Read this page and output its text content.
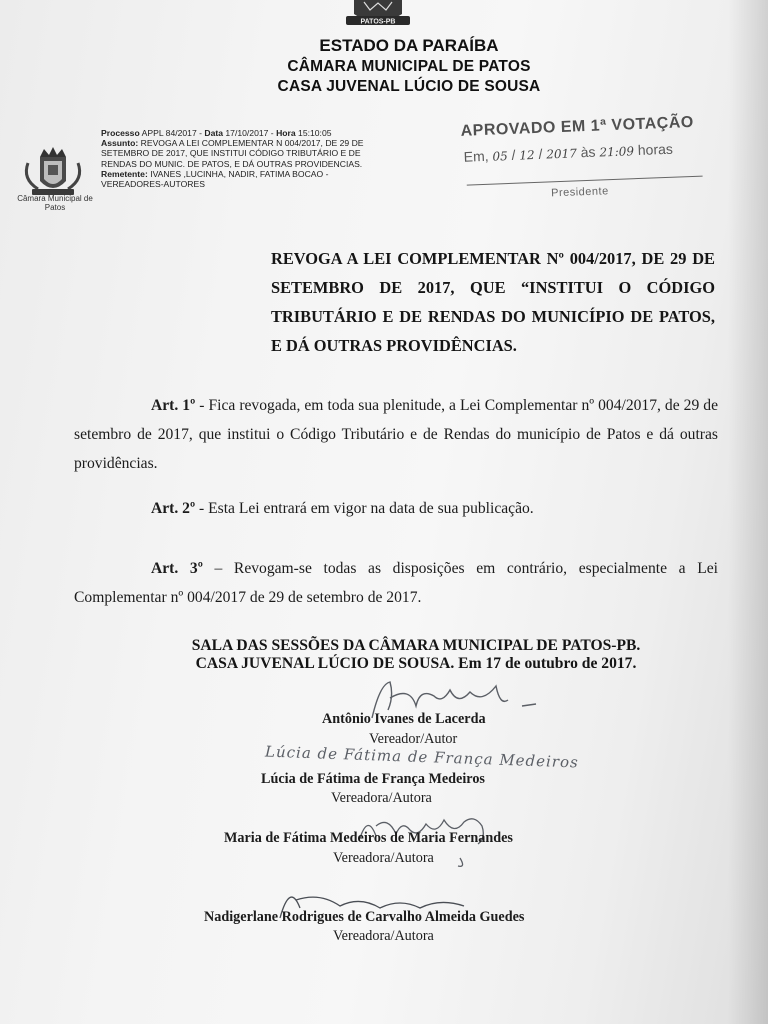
PATOS-PB
ESTADO DA PARAÍBA
CÂMARA MUNICIPAL DE PATOS
CASA JUVENAL LÚCIO DE SOUSA
Câmara Municipal de Patos
Processo APPL 84/2017 - Data 17/10/2017 - Hora 15:10:05
Assunto: REVOGA A LEI COMPLEMENTAR N 004/2017, DE 29 DE SETEMBRO DE 2017, QUE INSTITUI CÓDIGO TRIBUTÁRIO E DE RENDAS DO MUNIC. DE PATOS, E DÁ OUTRAS PROVIDENCIAS.
Remetente: IVANES ,LUCINHA, NADIR, FATIMA BOCAO - VEREADORES-AUTORES
APROVADO EM 1ª VOTAÇÃO
Em, 05 / 12 / 2017 às 21:09 horas
Presidente
REVOGA A LEI COMPLEMENTAR Nº 004/2017, DE 29 DE SETEMBRO DE 2017, QUE “INSTITUI O CÓDIGO TRIBUTÁRIO E DE RENDAS DO MUNICÍPIO DE PATOS, E DÁ OUTRAS PROVIDÊNCIAS.
Art. 1º - Fica revogada, em toda sua plenitude, a Lei Complementar nº 004/2017, de 29 de setembro de 2017, que institui o Código Tributário e de Rendas do município de Patos e dá outras providências.
Art. 2º - Esta Lei entrará em vigor na data de sua publicação.
Art. 3º – Revogam-se todas as disposições em contrário, especialmente a Lei Complementar nº 004/2017 de 29 de setembro de 2017.
SALA DAS SESSÕES DA CÂMARA MUNICIPAL DE PATOS-PB.
CASA JUVENAL LÚCIO DE SOUSA. Em 17 de outubro de 2017.
Antônio Ivanes de Lacerda
Vereador/Autor
Lúcia de Fátima de França Medeiros
Lúcia de Fátima de França Medeiros
Vereadora/Autora
Maria de Fátima Medeiros de Maria Fernandes
Vereadora/Autora
Nadigerlane Rodrigues de Carvalho Almeida Guedes
Vereadora/Autora
